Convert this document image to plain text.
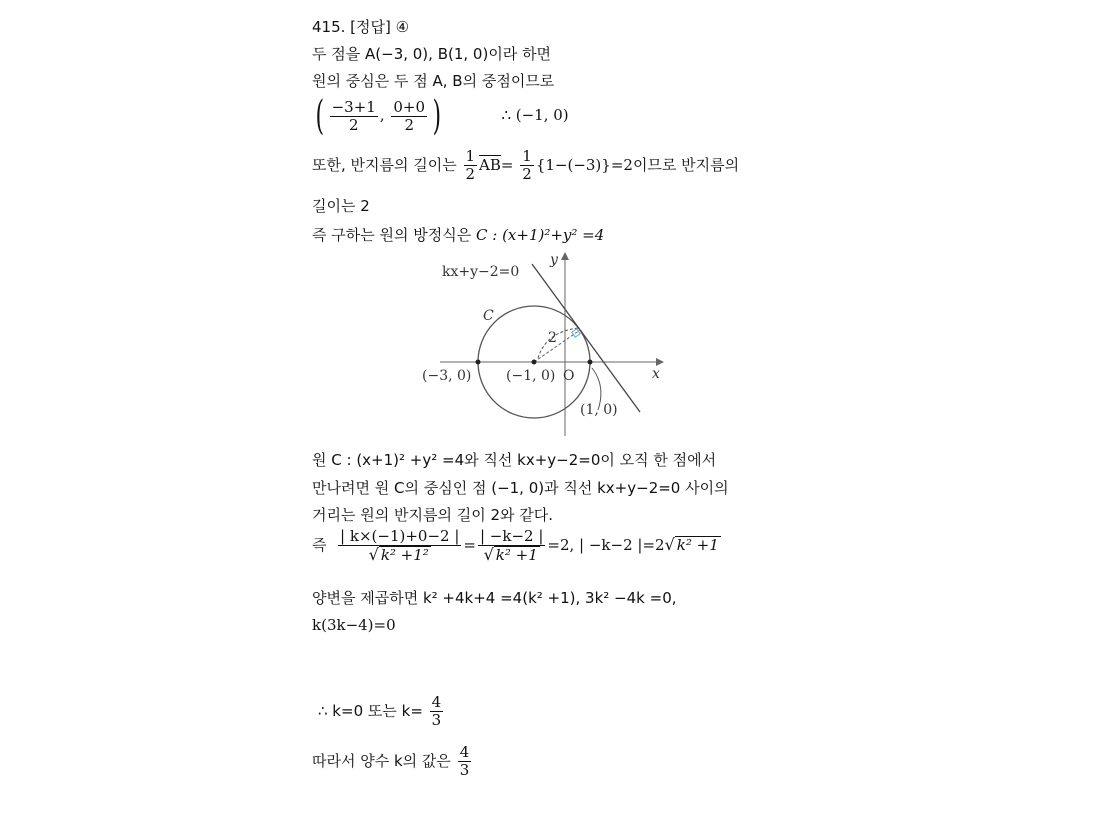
415. [정답] ④
두 점을 A(−3, 0), B(1, 0)이라 하면
원의 중심은 두 점 A, B의 중점이므로
( $\frac{-3+1}{2}$ , $\frac{0+0}{2}$ )	∴ (−1, 0)
또한, 반지름의 길이는 $\frac{1}{2} \overline{AB}= \frac{1}{2} \{1-(-3)\}=2$이므로 반지름의
길이는 2
즉 구하는 원의 방정식은 C : (x+1)²+y² =4
kx+y−2=0
y
x
C
2
(−3, 0) (−1, 0) O
(1, 0)
원 C : (x+1)² +y² =4와 직선 kx+y−2=0이 오직 한 점에서
만나려면 원 C의 중심인 점 (−1, 0)과 직선 kx+y−2=0 사이의
거리는 원의 반지름의 길이 2와 같다.
즉 $\frac{| k\times(-1)+0-2 |}{\text{√ k² +1²}} = \frac{| -k-2 |}{\text{√ k² +1}} =2$, | −k−2 |=2√ k² +1
양변을 제곱하면 k² +4k+4 =4(k² +1), 3k² −4k =0,
k(3k−4)=0
∴ k=0 또는 $k= \frac{4}{3}$
따라서 양수 k의 값은 $\frac{4}{3}$
